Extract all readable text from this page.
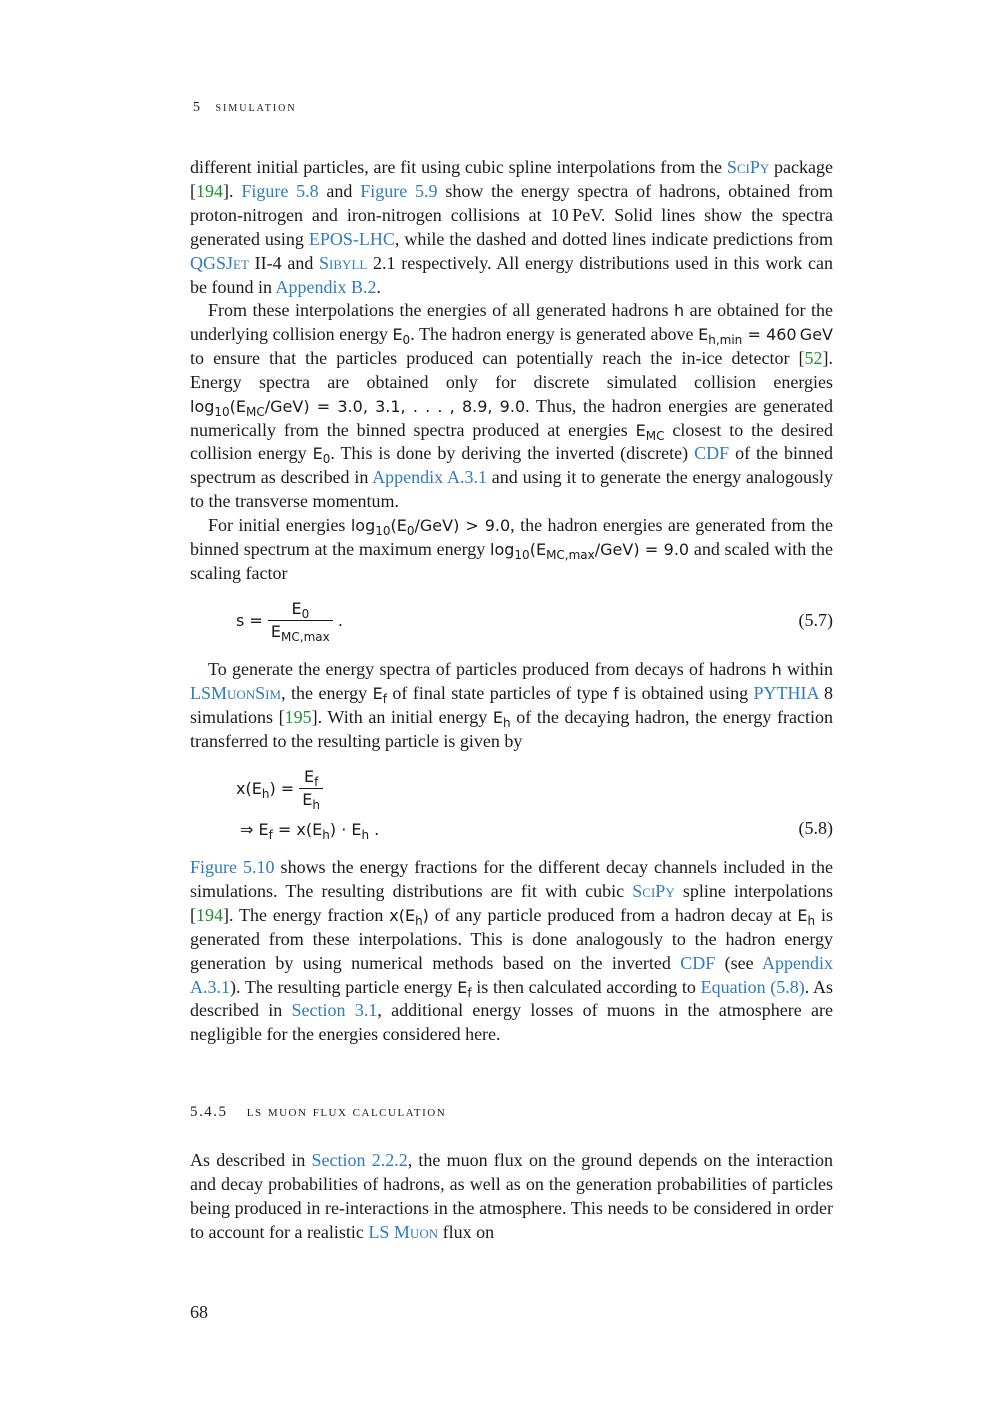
5 simulation

different initial particles, are fit using cubic spline interpolations from the SciPy package [194]. Figure 5.8 and Figure 5.9 show the energy spectra of hadrons, obtained from proton-nitrogen and iron-nitrogen collisions at 10 PeV. Solid lines show the spectra generated using EPOS-LHC, while the dashed and dotted lines indicate predictions from QGSJet II-4 and Sibyll 2.1 respectively. All energy distributions used in this work can be found in Appendix B.2.

From these interpolations the energies of all generated hadrons h are obtained for the underlying collision energy $E_0$. The hadron energy is generated above $E_{h,min} = 460$ GeV to ensure that the particles produced can potentially reach the in-ice detector [52]. Energy spectra are obtained only for discrete simulated collision energies $\log_{10}(E_{MC}/GeV) = 3.0$, 3.1, . . . , 8.9, 9.0. Thus, the hadron energies are generated numerically from the binned spectra produced at energies $E_{MC}$ closest to the desired collision energy $E_0$. This is done by deriving the inverted (discrete) CDF of the binned spectrum as described in Appendix A.3.1 and using it to generate the energy analogously to the transverse momentum.

For initial energies $\log_{10}(E_0/GeV) > 9.0$, the hadron energies are generated from the binned spectrum at the maximum energy $\log_{10}(E_{MC,max}/GeV) = 9.0$ and scaled with the scaling factor

$s = \frac{E_0}{E_{MC,max}}$ .	(5.7)

To generate the energy spectra of particles produced from decays of hadrons h within LSMuonSim, the energy $E_f$ of final state particles of type f is obtained using PYTHIA 8 simulations [195]. With an initial energy $E_h$ of the decaying hadron, the energy fraction transferred to the resulting particle is given by

$x(E_h) = \frac{E_f}{E_h}$
⇒ $E_f = x(E_h) \cdot E_h$ .	(5.8)

Figure 5.10 shows the energy fractions for the different decay channels included in the simulations. The resulting distributions are fit with cubic SciPy spline interpolations [194]. The energy fraction $x(E_h)$ of any particle produced from a hadron decay at $E_h$ is generated from these interpolations. This is done analogously to the hadron energy generation by using numerical methods based on the inverted CDF (see Appendix A.3.1). The resulting particle energy $E_f$ is then calculated according to Equation (5.8). As described in Section 3.1, additional energy losses of muons in the atmosphere are negligible for the energies considered here.

5.4.5 ls muon flux calculation

As described in Section 2.2.2, the muon flux on the ground depends on the interaction and decay probabilities of hadrons, as well as on the generation probabilities of particles being produced in re-interactions in the atmosphere. This needs to be considered in order to account for a realistic LS Muon flux on

68
